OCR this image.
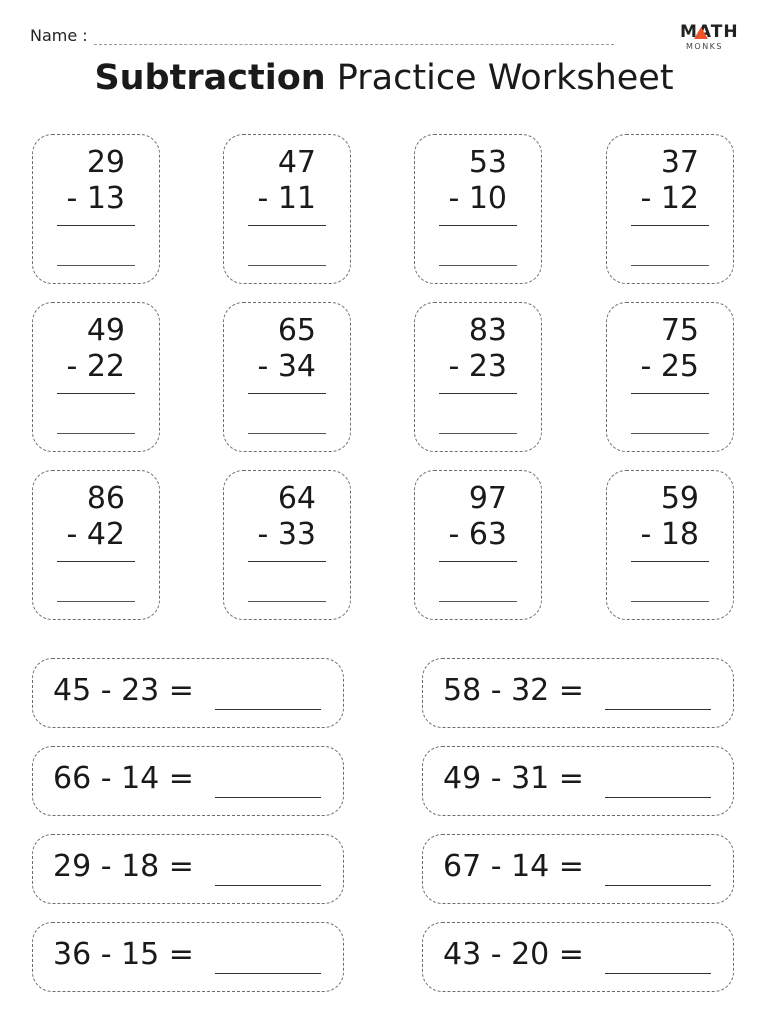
Name :	MATH
MONKS
Subtraction Practice Worksheet
29
- 13
47
- 11
53
- 10
37
- 12
49
- 22
65
- 34
83
- 23
75
- 25
86
- 42
64
- 33
97
- 63
59
- 18
45 - 23 =	58 - 32 =
66 - 14 =	49 - 31 =
29 - 18 =	67 - 14 =
36 - 15 =	43 - 20 =
